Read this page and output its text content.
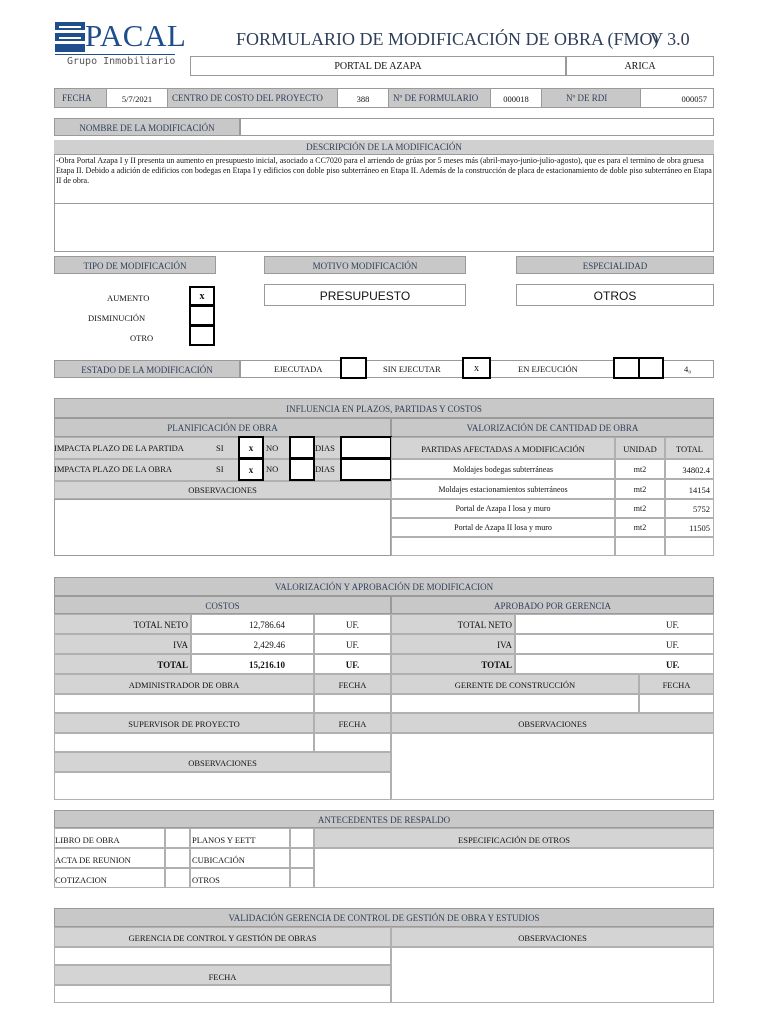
PACAL
Grupo Inmobiliario
FORMULARIO DE MODIFICACIÓN DE OBRA (FMO)
V 3.0
PORTAL DE AZAPA	ARICA
FECHA	5/7/2021	CENTRO DE COSTO DEL PROYECTO	388	Nº DE FORMULARIO	000018	Nº DE RDI	000057
NOMBRE DE LA MODIFICACIÓN
DESCRIPCIÓN DE LA MODIFICACIÓN
-Obra Portal Azapa I y II presenta un aumento en presupuesto inicial, asociado a CC7020 para el arriendo de grúas por 5 meses más (abril-mayo-junio-julio-agosto), que es para el termino de obra gruesa Etapa II. Debido a adición de edificios con bodegas en Etapa I y edificios con doble piso subterráneo en Etapa II. Además de la construcción de placa de estacionamiento de doble piso subterráneo en Etapa II de obra.
TIPO DE MODIFICACIÓN	MOTIVO MODIFICACIÓN	ESPECIALIDAD
AUMENTO	x
DISMINUCIÓN
OTRO
PRESUPUESTO	OTROS
ESTADO DE LA MODIFICACIÓN	EJECUTADA	SIN EJECUTAR	x	EN EJECUCIÓN	4₀
INFLUENCIA EN PLAZOS, PARTIDAS Y COSTOS
PLANIFICACIÓN DE OBRA	VALORIZACIÓN DE CANTIDAD DE OBRA
IMPACTA PLAZO DE LA PARTIDA	SI	x	NO	DIAS
IMPACTA PLAZO DE LA OBRA	SI	x	NO	DIAS
OBSERVACIONES
PARTIDAS AFECTADAS A MODIFICACIÓN	UNIDAD	TOTAL
Moldajes bodegas subterráneas	mt2	34802.4
Moldajes estacionamientos subterráneos	mt2	14154
Portal de Azapa I losa y muro	mt2	5752
Portal de Azapa II losa y muro	mt2	11505
VALORIZACIÓN Y APROBACIÓN DE MODIFICACION
COSTOS	APROBADO POR GERENCIA
TOTAL NETO	12,786.64	UF.
IVA	2,429.46	UF.
TOTAL	15,216.10	UF.
TOTAL NETO	UF.
IVA	UF.
TOTAL	UF.
ADMINISTRADOR DE OBRA	FECHA	GERENTE DE CONSTRUCCIÓN	FECHA
SUPERVISOR DE PROYECTO	FECHA	OBSERVACIONES
OBSERVACIONES
ANTECEDENTES DE RESPALDO
LIBRO DE OBRA	PLANOS Y EETT	ESPECIFICACIÓN DE OTROS
ACTA DE REUNION	CUBICACIÓN
COTIZACION	OTROS
VALIDACIÓN GERENCIA DE CONTROL DE GESTIÓN DE OBRA Y ESTUDIOS
GERENCIA DE CONTROL Y GESTIÓN DE OBRAS	OBSERVACIONES
FECHA
